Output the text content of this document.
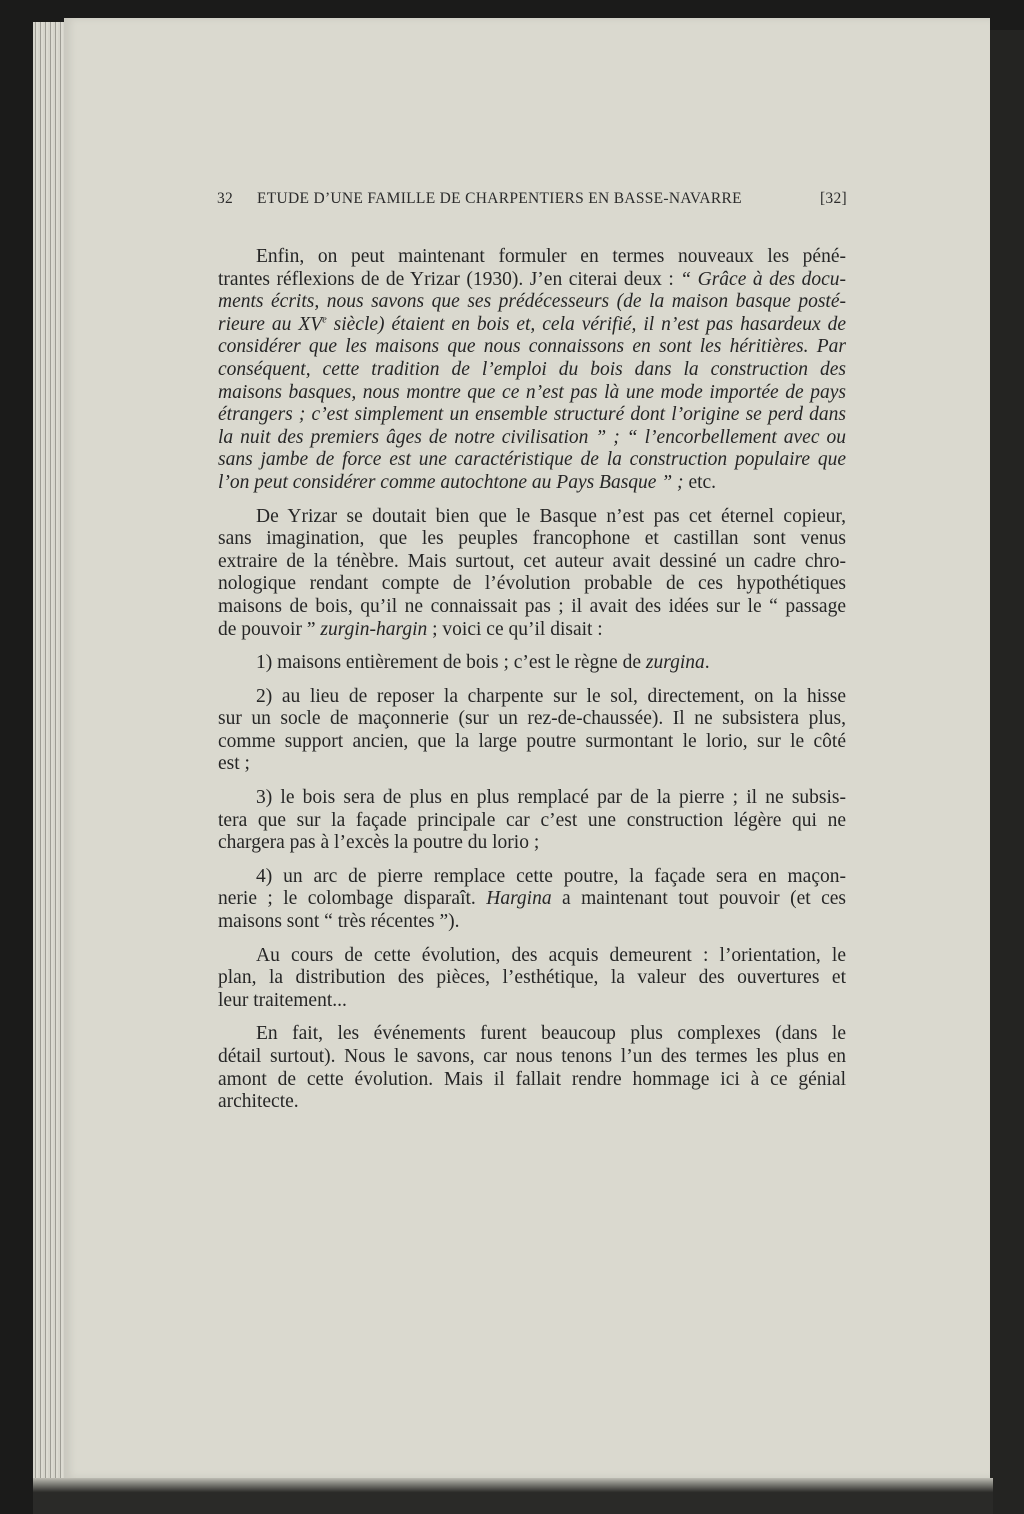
32	ETUDE D’UNE FAMILLE DE CHARPENTIERS EN BASSE-NAVARRE	[32]
Enfin, on peut maintenant formuler en termes nouveaux les péné-
trantes réflexions de de Yrizar (1930). J’en citerai deux : “ Grâce à des docu-
ments écrits, nous savons que ses prédécesseurs (de la maison basque posté-
rieure au XVe siècle) étaient en bois et, cela vérifié, il n’est pas hasardeux de
considérer que les maisons que nous connaissons en sont les héritières. Par
conséquent, cette tradition de l’emploi du bois dans la construction des
maisons basques, nous montre que ce n’est pas là une mode importée de pays
étrangers ; c’est simplement un ensemble structuré dont l’origine se perd dans
la nuit des premiers âges de notre civilisation ” ; “ l’encorbellement avec ou
sans jambe de force est une caractéristique de la construction populaire que
l’on peut considérer comme autochtone au Pays Basque ” ; etc.
De Yrizar se doutait bien que le Basque n’est pas cet éternel copieur,
sans imagination, que les peuples francophone et castillan sont venus
extraire de la ténèbre. Mais surtout, cet auteur avait dessiné un cadre chro-
nologique rendant compte de l’évolution probable de ces hypothétiques
maisons de bois, qu’il ne connaissait pas ; il avait des idées sur le “ passage
de pouvoir ” zurgin-hargin ; voici ce qu’il disait :
1) maisons entièrement de bois ; c’est le règne de zurgina.
2) au lieu de reposer la charpente sur le sol, directement, on la hisse
sur un socle de maçonnerie (sur un rez-de-chaussée). Il ne subsistera plus,
comme support ancien, que la large poutre surmontant le lorio, sur le côté
est ;
3) le bois sera de plus en plus remplacé par de la pierre ; il ne subsis-
tera que sur la façade principale car c’est une construction légère qui ne
chargera pas à l’excès la poutre du lorio ;
4) un arc de pierre remplace cette poutre, la façade sera en maçon-
nerie ; le colombage disparaît. Hargina a maintenant tout pouvoir (et ces
maisons sont “ très récentes ”).
Au cours de cette évolution, des acquis demeurent : l’orientation, le
plan, la distribution des pièces, l’esthétique, la valeur des ouvertures et
leur traitement...
En fait, les événements furent beaucoup plus complexes (dans le
détail surtout). Nous le savons, car nous tenons l’un des termes les plus en
amont de cette évolution. Mais il fallait rendre hommage ici à ce génial
architecte.
